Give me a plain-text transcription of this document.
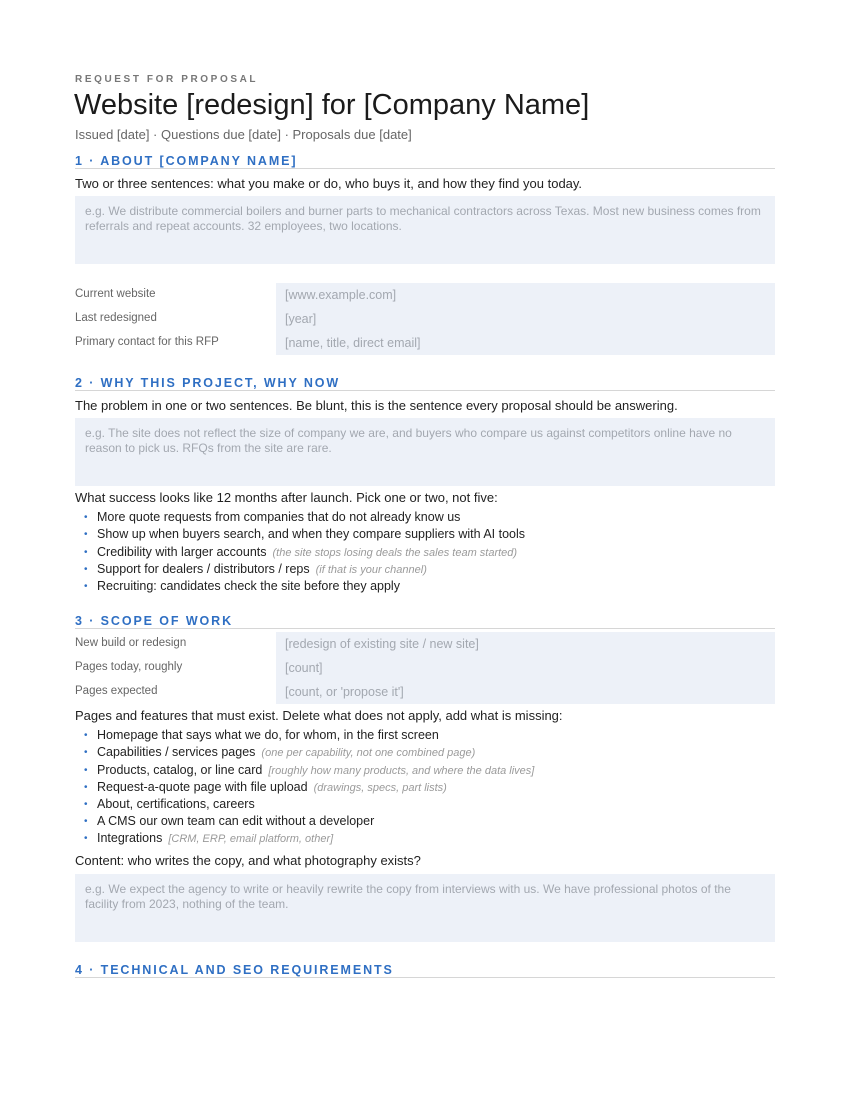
REQUEST FOR PROPOSAL
Website [redesign] for [Company Name]
Issued [date] · Questions due [date] · Proposals due [date]
1 · ABOUT [COMPANY NAME]
Two or three sentences: what you make or do, who buys it, and how they find you today.
e.g. We distribute commercial boilers and burner parts to mechanical contractors across Texas. Most new business comes from referrals and repeat accounts. 32 employees, two locations.
Current website	[www.example.com]
Last redesigned	[year]
Primary contact for this RFP	[name, title, direct email]
2 · WHY THIS PROJECT, WHY NOW
The problem in one or two sentences. Be blunt, this is the sentence every proposal should be answering.
e.g. The site does not reflect the size of company we are, and buyers who compare us against competitors online have no reason to pick us. RFQs from the site are rare.
What success looks like 12 months after launch. Pick one or two, not five:
• More quote requests from companies that do not already know us
• Show up when buyers search, and when they compare suppliers with AI tools
• Credibility with larger accounts (the site stops losing deals the sales team started)
• Support for dealers / distributors / reps (if that is your channel)
• Recruiting: candidates check the site before they apply
3 · SCOPE OF WORK
New build or redesign	[redesign of existing site / new site]
Pages today, roughly	[count]
Pages expected	[count, or 'propose it']
Pages and features that must exist. Delete what does not apply, add what is missing:
• Homepage that says what we do, for whom, in the first screen
• Capabilities / services pages (one per capability, not one combined page)
• Products, catalog, or line card [roughly how many products, and where the data lives]
• Request-a-quote page with file upload (drawings, specs, part lists)
• About, certifications, careers
• A CMS our own team can edit without a developer
• Integrations [CRM, ERP, email platform, other]
Content: who writes the copy, and what photography exists?
e.g. We expect the agency to write or heavily rewrite the copy from interviews with us. We have professional photos of the facility from 2023, nothing of the team.
4 · TECHNICAL AND SEO REQUIREMENTS
